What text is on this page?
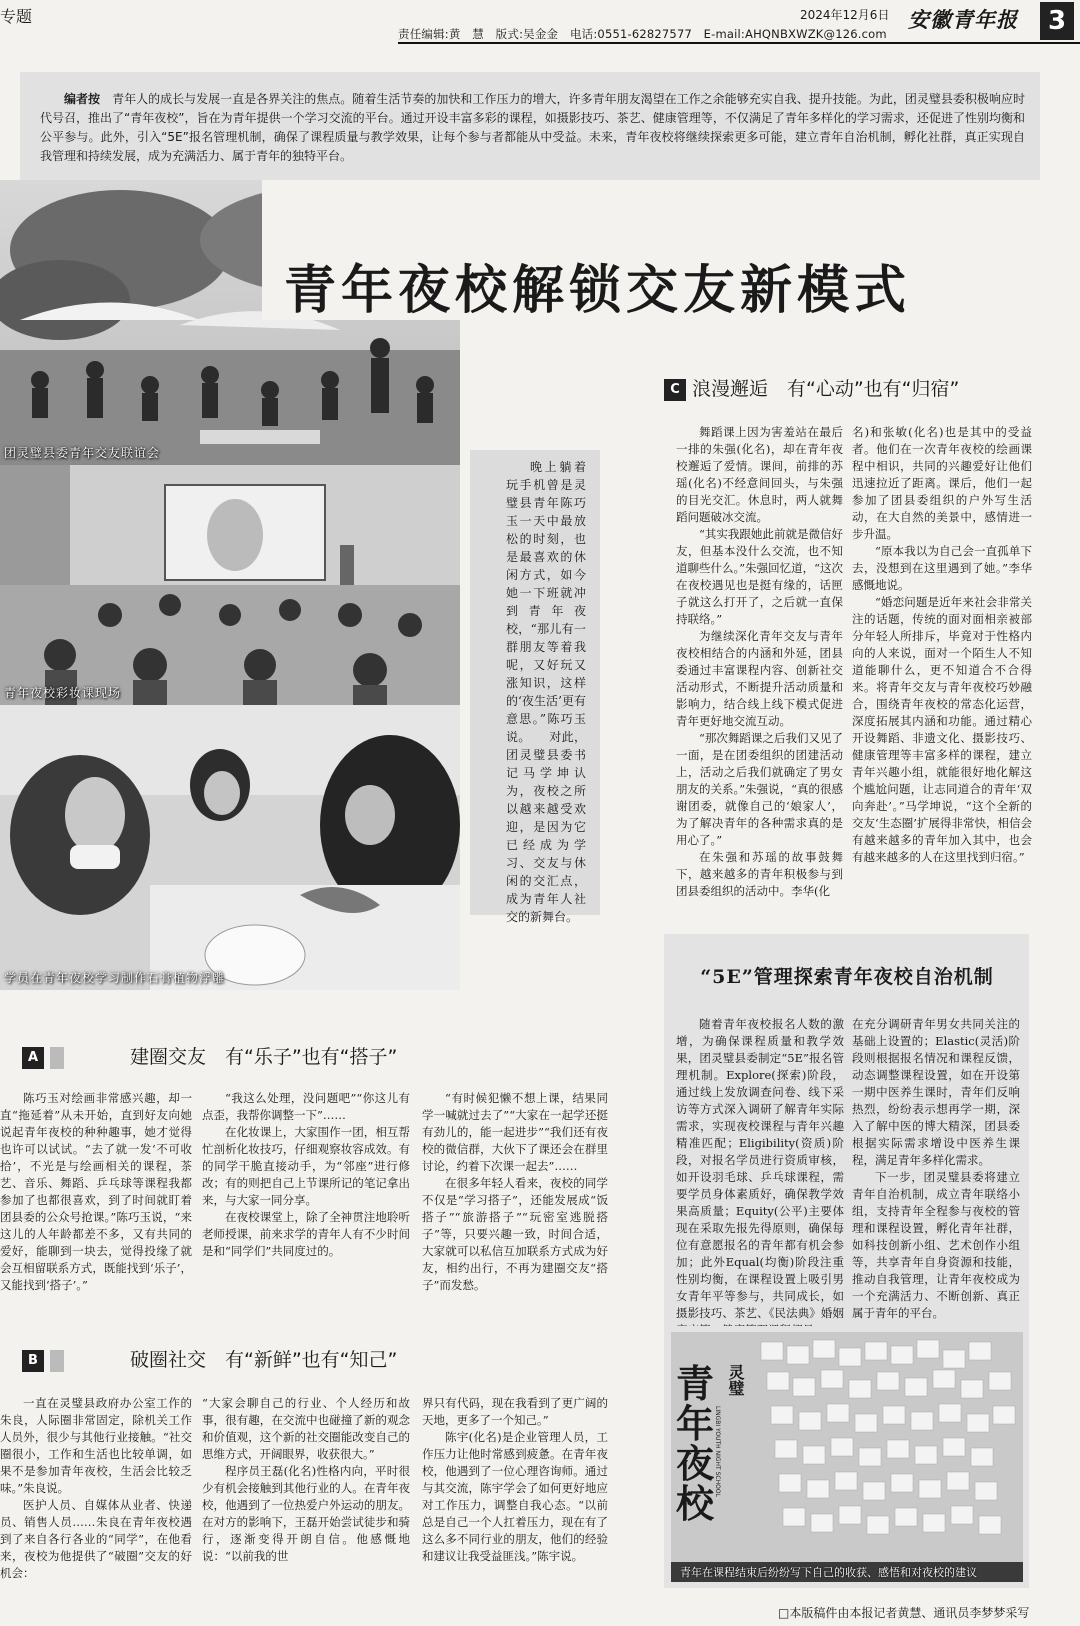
专题	2024年12月6日
责任编辑:黄　慧　版式:吴金金　电话:0551-62827577　E-mail:AHQNBXWZK@126.com
安徽青年报	3
编者按　 青年人的成长与发展一直是各界关注的焦点。随着生活节奏的加快和工作压力的增大，许多青年朋友渴望在工作之余能够充实自我、提升技能。为此，团灵璧县委积极响应时代号召，推出了“青年夜校”，旨在为青年提供一个学习交流的平台。通过开设丰富多彩的课程，如摄影技巧、茶艺、健康管理等，不仅满足了青年多样化的学习需求，还促进了性别均衡和公平参与。此外，引入“5E”报名管理机制，确保了课程质量与教学效果，让每个参与者都能从中受益。未来，青年夜校将继续探索更多可能，建立青年自治机制，孵化社群，真正实现自我管理和持续发展，成为充满活力、属于青年的独特平台。
团灵璧县委青年交友联谊会
青年夜校解锁交友新模式
青年夜校彩妆课现场
学员在青年夜校学习制作石膏植物浮雕
晚上躺着玩手机曾是灵璧县青年陈巧玉一天中最放松的时刻，也是最喜欢的休闲方式，如今她一下班就冲到青年夜校，“那儿有一群朋友等着我呢，又好玩又涨知识，这样的‘夜生活’更有意思。”陈巧玉说。　　对此，团灵璧县委书记马学坤认为，夜校之所以越来越受欢迎，是因为它已经成为学习、交友与休闲的交汇点，成为青年人社交的新舞台。
C 浪漫邂逅　有“心动”也有“归宿”

舞蹈课上因为害羞站在最后一排的朱强(化名)，却在青年夜校邂逅了爱情。课间，前排的苏瑶(化名)不经意间回头，与朱强的目光交汇。休息时，两人就舞蹈问题破冰交流。

“其实我跟她此前就是微信好友，但基本没什么交流，也不知道聊些什么。”朱强回忆道，“这次在夜校遇见也是挺有缘的，话匣子就这么打开了，之后就一直保持联络。”

为继续深化青年交友与青年夜校相结合的内涵和外延，团县委通过丰富课程内容、创新社交活动形式，不断提升活动质量和影响力，结合线上线下模式促进青年更好地交流互动。

“那次舞蹈课之后我们又见了一面，是在团委组织的团建活动上，活动之后我们就确定了男女朋友的关系。”朱强说，“真的很感谢团委，就像自己的‘娘家人’，为了解决青年的各种需求真的是用心了。”

在朱强和苏瑶的故事鼓舞下，越来越多的青年积极参与到团县委组织的活动中。李华(化

名)和张敏(化名)也是其中的受益者。他们在一次青年夜校的绘画课程中相识，共同的兴趣爱好让他们迅速拉近了距离。课后，他们一起参加了团县委组织的户外写生活动，在大自然的美景中，感情进一步升温。

“原本我以为自己会一直孤单下去，没想到在这里遇到了她。”李华感慨地说。

“婚恋问题是近年来社会非常关注的话题，传统的面对面相亲被部分年轻人所排斥，毕竟对于性格内向的人来说，面对一个陌生人不知道能聊什么，更不知道合不合得来。将青年交友与青年夜校巧妙融合，围绕青年夜校的常态化运营，深度拓展其内涵和功能。通过精心开设舞蹈、非遗文化、摄影技巧、健康管理等丰富多样的课程，建立青年兴趣小组，就能很好地化解这个尴尬问题，让志同道合的青年‘双向奔赴’。”马学坤说，“这个全新的交友‘生态圈’扩展得非常快，相信会有越来越多的青年加入其中，也会有越来越多的人在这里找到归宿。”

A	建圈交友　有“乐子”也有“搭子”

陈巧玉对绘画非常感兴趣，却一直“拖延着”从未开始，直到好友向她说起青年夜校的种种趣事，她才觉得也许可以试试。“去了就一发‘不可收拾’，不光是与绘画相关的课程，茶艺、音乐、舞蹈、乒乓球等课程我都参加了也都很喜欢，到了时间就盯着团县委的公众号抢课。”陈巧玉说，“来这儿的人年龄都差不多，又有共同的爱好，能聊到一块去，觉得投缘了就会互相留联系方式，既能找到‘乐子’，又能找到‘搭子’。”

“我这么处理，没问题吧”“你这儿有点歪，我帮你调整一下”……

在化妆课上，大家围作一团，相互帮忙剖析化妆技巧，仔细观察妆容成效。有的同学干脆直接动手，为“邻座”进行修改；有的则把自己上节课所记的笔记拿出来，与大家一同分享。

在夜校课堂上，除了全神贯注地聆听老师授课，前来求学的青年人有不少时间是和“同学们”共同度过的。

“有时候犯懒不想上课，结果同学一喊就过去了”“大家在一起学还挺有劲儿的，能一起进步”“我们还有夜校的微信群，大伙下了课还会在群里讨论，约着下次课一起去”……

在很多年轻人看来，夜校的同学不仅是“学习搭子”，还能发展成“饭搭子”“旅游搭子”“玩密室逃脱搭子”等，只要兴趣一致，时间合适，大家就可以私信互加联系方式成为好友，相约出行，不再为建圈交友“搭子”而发愁。

B	破圈社交　有“新鲜”也有“知己”

一直在灵璧县政府办公室工作的朱良，人际圈非常固定，除机关工作人员外，很少与其他行业接触。“社交圈很小，工作和生活也比较单调，如果不是参加青年夜校，生活会比较乏味。”朱良说。

医护人员、自媒体从业者、快递员、销售人员……朱良在青年夜校遇到了来自各行各业的“同学”，在他看来，夜校为他提供了“破圈”交友的好机会：

“大家会聊自己的行业、个人经历和故事，很有趣，在交流中也碰撞了新的观念和价值观，这个新的社交圈能改变自己的思维方式，开阔眼界，收获很大。”

程序员王磊(化名)性格内向，平时很少有机会接触到其他行业的人。在青年夜校，他遇到了一位热爱户外运动的朋友。在对方的影响下，王磊开始尝试徒步和骑行，逐渐变得开朗自信。他感慨地说：“以前我的世

界只有代码，现在我看到了更广阔的天地，更多了一个知己。”

陈宇(化名)是企业管理人员，工作压力让他时常感到疲惫。在青年夜校，他遇到了一位心理咨询师。通过与其交流，陈宇学会了如何更好地应对工作压力，调整自我心态。“以前总是自己一个人扛着压力，现在有了这么多不同行业的朋友，他们的经验和建议让我受益匪浅。”陈宇说。

“5E”管理探索青年夜校自治机制

随着青年夜校报名人数的激增，为确保课程质量和教学效果，团灵璧县委制定“5E”报名管理机制。Explore(探索)阶段，通过线上发放调查问卷、线下采访等方式深入调研了解青年实际需求，实现夜校课程与青年兴趣精准匹配；Eligibility(资质)阶段，对报名学员进行资质审核，如开设羽毛球、乒乓球课程，需要学员身体素质好，确保教学效果高质量；Equity(公平)主要体现在采取先报先得原则，确保每位有意愿报名的青年都有机会参加；此外Equal(均衡)阶段注重性别均衡，在课程设置上吸引男女青年平等参与，共同成长，如摄影技巧、茶艺、《民法典》婚姻

在充分调研青年男女共同关注的基础上设置的；Elastic(灵活)阶段则根据报名情况和课程反馈，动态调整课程设置，如在开设第一期中医养生课时，青年们反响热烈，纷纷表示想再学一期，深入了解中医的博大精深，团县委根据实际需求增设中医养生课程，满足青年多样化需求。

下一步，团灵璧县委将建立青年自治机制，成立青年联络小组，支持青年全程参与夜校的管理和课程设置，孵化青年社群，如科技创新小组、艺术创作小组等，共享青年自身资源和技能，推动自我管理，让青年夜校成为一个充满活力、不断创新、真正属于青年的平台。

青年夜校
灵璧
LINGBI YOUTH NIGHT SCHOOL
青年在课程结束后纷纷写下自己的收获、感悟和对夜校的建议
□本版稿件由本报记者黄慧、通讯员李梦梦采写
